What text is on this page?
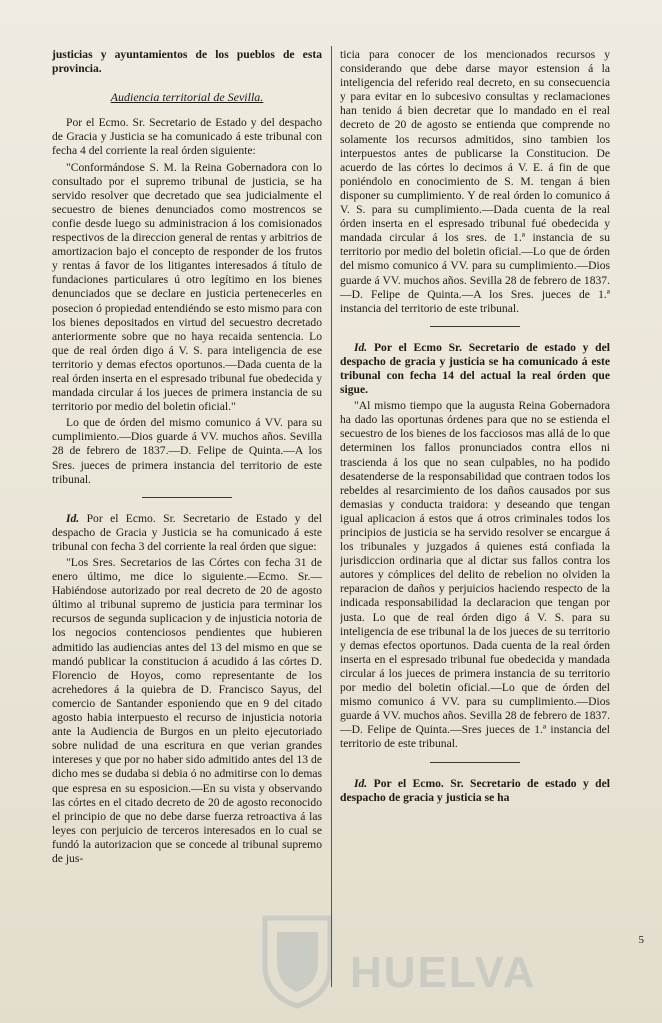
justicias y ayuntamientos de los pueblos de esta provincia.

Audiencia territorial de Sevilla.

Por el Ecmo. Sr. Secretario de Estado y del despacho de Gracia y Justicia se ha comunicado á este tribunal con fecha 4 del corriente la real órden siguiente:

"Conformándose S. M. la Reina Gobernadora con lo consultado por el supremo tribunal de justicia, se ha servido resolver que decretado que sea judicialmente el secuestro de bienes denunciados como mostrencos se confie desde luego su administracion á los comisionados respectivos de la direccion general de rentas y arbitrios de amortizacion bajo el concepto de responder de los frutos y rentas á favor de los litigantes interesados á título de fundaciones particulares ú otro legítimo en los bienes denunciados que se declare en justicia pertenecerles en posecion ó propiedad entendiéndo se esto mismo para con los bienes depositados en virtud del secuestro decretado anteriormente sobre que no haya recaida sentencia. Lo que de real órden digo á V. S. para inteligencia de ese territorio y demas efectos oportunos.—Dada cuenta de la real órden inserta en el espresado tribunal fue obedecida y mandada circular á los jueces de primera instancia de su territorio por medio del boletin oficial."

Lo que de órden del mismo comunico á VV. para su cumplimiento.—Dios guarde á VV. muchos años. Sevilla 28 de febrero de 1837.—D. Felipe de Quinta.—A los Sres. jueces de primera instancia del territorio de este tribunal.

Id. Por el Ecmo. Sr. Secretario de Estado y del despacho de Gracia y Justicia se ha comunicado á este tribunal con fecha 3 del corriente la real órden que sigue:

"Los Sres. Secretarios de las Córtes con fecha 31 de enero último, me dice lo siguiente.—Ecmo. Sr.—Habiéndose autorizado por real decreto de 20 de agosto último al tribunal supremo de justicia para terminar los recursos de segunda suplicacion y de injusticia notoria de los negocios contenciosos pendientes que hubieren admitido las audiencias antes del 13 del mismo en que se mandó publicar la constitucion á acudido á las córtes D. Florencio de Hoyos, como representante de los acrehedores á la quiebra de D. Francisco Sayus, del comercio de Santander esponiendo que en 9 del citado agosto habia interpuesto el recurso de injusticia notoria ante la Audiencia de Burgos en un pleito ejecutoriado sobre nulidad de una escritura en que verian grandes intereses y que por no haber sido admitido antes del 13 de dicho mes se dudaba si debia ó no admitirse con lo demas que espresa en su esposicion.—En su vista y observando las córtes en el citado decreto de 20 de agosto reconocido el principio de que no debe darse fuerza retroactiva á las leyes con perjuicio de terceros interesados en lo cual se fundó la autorizacion que se concede al tribunal supremo de jus-

ticia para conocer de los mencionados recursos y considerando que debe darse mayor estension á la inteligencia del referido real decreto, en su consecuencia y para evitar en lo subcesivo consultas y reclamaciones han tenido á bien decretar que lo mandado en el real decreto de 20 de agosto se entienda que comprende no solamente los recursos admitidos, sino tambien los interpuestos antes de publicarse la Constitucion. De acuerdo de las córtes lo decimos á V. E. á fin de que poniéndolo en conocimiento de S. M. tengan á bien disponer su cumplimiento. Y de real órden lo comunico á V. S. para su cumplimiento.—Dada cuenta de la real órden inserta en el espresado tribunal fué obedecida y mandada circular á los sres. de 1.ª instancia de su territorio por medio del boletin oficial.—Lo que de órden del mismo comunico á VV. para su cumplimiento.—Dios guarde á VV. muchos años. Sevilla 28 de febrero de 1837.—D. Felipe de Quinta.—A los Sres. jueces de 1.ª instancia del territorio de este tribunal.

Id. Por el Ecmo Sr. Secretario de estado y del despacho de gracia y justicia se ha comunicado á este tribunal con fecha 14 del actual la real órden que sigue.

"Al mismo tiempo que la augusta Reina Gobernadora ha dado las oportunas órdenes para que no se estienda el secuestro de los bienes de los facciosos mas allá de lo que determinen los fallos pronunciados contra ellos ni trascienda á los que no sean culpables, no ha podido desatenderse de la responsabilidad que contraen todos los rebeldes al resarcimiento de los daños causados por sus demasias y conducta traidora: y deseando que tengan igual aplicacion á estos que á otros criminales todos los principios de justicia se ha servido resolver se encargue á los tribunales y juzgados á quienes está confiada la jurisdiccion ordinaria que al dictar sus fallos contra los autores y cómplices del delito de rebelion no olviden la reparacion de daños y perjuicios haciendo respecto de la indicada responsabilidad la declaracion que tengan por justa. Lo que de real órden digo á V. S. para su inteligencia de ese tribunal la de los jueces de su territorio y demas efectos oportunos. Dada cuenta de la real órden inserta en el espresado tribunal fue obedecida y mandada circular á los jueces de primera instancia de su territorio por medio del boletin oficial.—Lo que de órden del mismo comunico á VV. para su cumplimiento.—Dios guarde á VV. muchos años. Sevilla 28 de febrero de 1837.—D. Felipe de Quinta.—Sres jueces de 1.ª instancia del territorio de este tribunal.

Id. Por el Ecmo. Sr. Secretario de estado y del despacho de gracia y justicia se ha

5
HUELVA
